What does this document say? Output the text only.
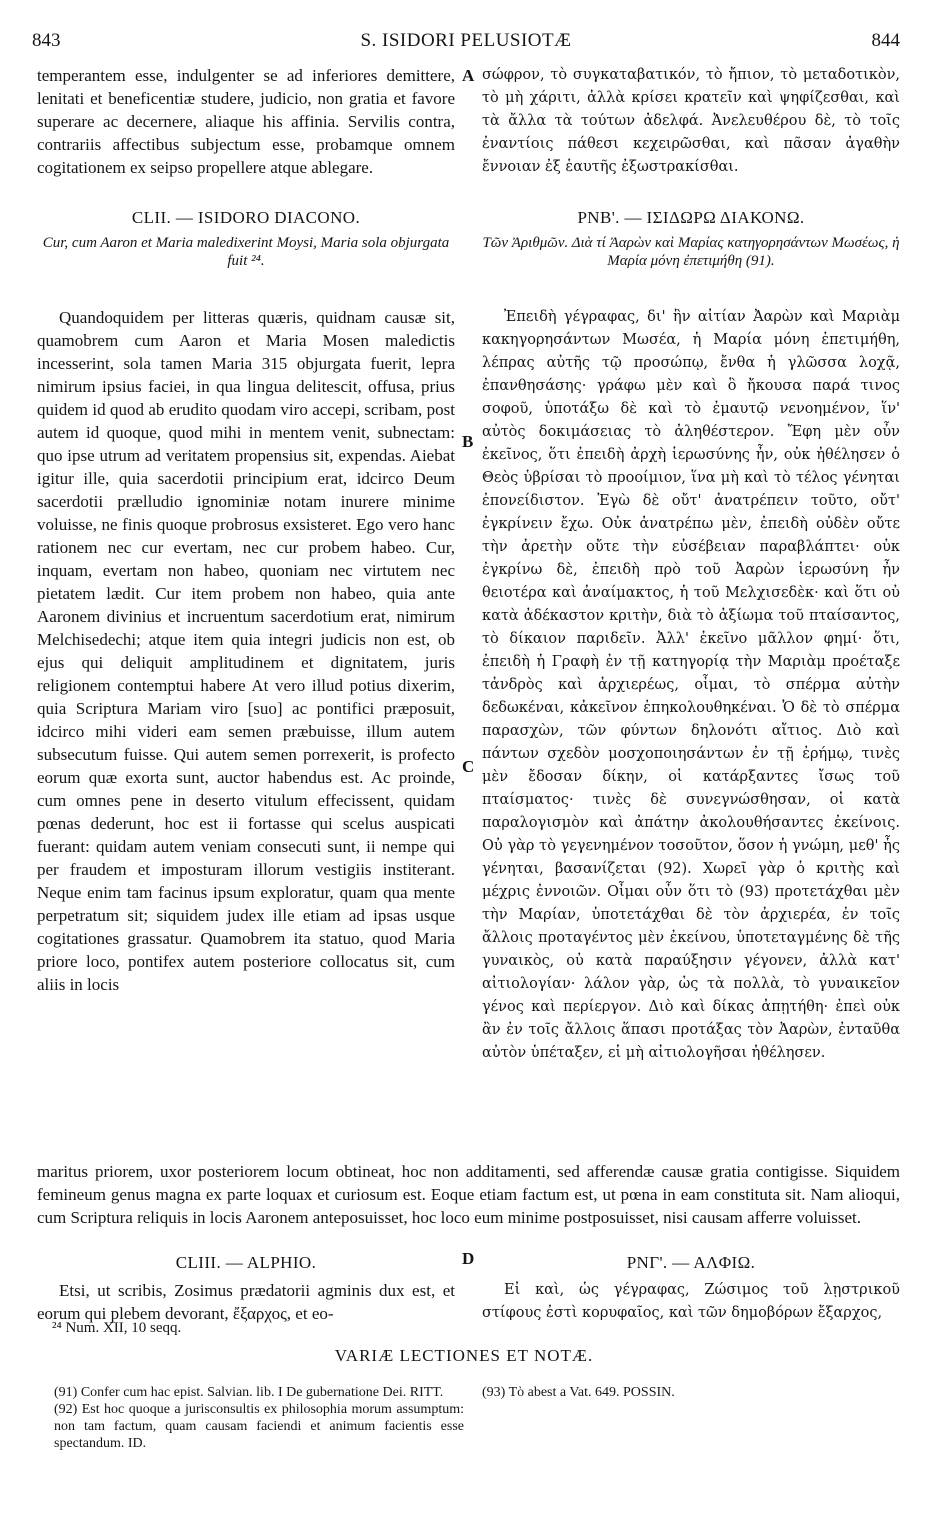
843	S. ISIDORI PELUSIOTÆ	844
temperantem esse, indulgenter se ad inferiores demittere, lenitati et beneficentiæ studere, judicio, non gratia et favore superare ac decernere, aliaque his affinia. Servilis contra, contrariis affectibus subjectum esse, probamque omnem cogitationem ex seipso propellere atque ablegare.
σώφρον, τὸ συγκαταβατικόν, τὸ ἤπιον, τὸ μεταδοτικὸν, τὸ μὴ χάριτι, ἀλλὰ κρίσει κρατεῖν καὶ ψηφίζεσθαι, καὶ τὰ ἄλλα τὰ τούτων ἀδελφά. Ἀνελευθέρου δὲ, τὸ τοῖς ἐναντίοις πάθεσι κεχειρῶσθαι, καὶ πᾶσαν ἀγαθὴν ἔννοιαν ἐξ ἑαυτῆς ἐξωστρακίσθαι.
CLII. — ISIDORO DIACONO.
Cur, cum Aaron et Maria maledixerint Moysi, Maria sola objurgata fuit ²⁴.
ΡΝΒ'. — ΙΣΙΔΩΡΩ ΔΙΑΚΟΝΩ.
Τῶν Ἀριθμῶν. Διὰ τί Ἀαρὼν καὶ Μαρίας κατηγορησάντων Μωσέως, ἡ Μαρία μόνη ἐπετιμήθη (91).
Quandoquidem per litteras quæris, quidnam causæ sit, quamobrem cum Aaron et Maria Mosen maledictis incesserint, sola tamen Maria 315 objurgata fuerit, lepra nimirum ipsius faciei, in qua lingua delitescit, offusa, prius quidem id quod ab erudito quodam viro accepi, scribam, post autem id quoque, quod mihi in mentem venit, subnectam: quo ipse utrum ad veritatem propensius sit, expendas. Aiebat igitur ille, quia sacerdotii principium erat, idcirco Deum sacerdotii prælludio ignominiæ notam inurere minime voluisse, ne finis quoque probrosus exsisteret. Ego vero hanc rationem nec cur evertam, nec cur probem habeo. Cur, inquam, evertam non habeo, quoniam nec virtutem nec pietatem lædit. Cur item probem non habeo, quia ante Aaronem divinius et incruentum sacerdotium erat, nimirum Melchisedechi; atque item quia integri judicis non est, ob ejus qui deliquit amplitudinem et dignitatem, juris religionem contemptui habere At vero illud potius dixerim, quia Scriptura Mariam viro [suo] ac pontifici præposuit, idcirco mihi videri eam semen præbuisse, illum autem subsecutum fuisse. Qui autem semen porrexerit, is profecto eorum quæ exorta sunt, auctor habendus est. Ac proinde, cum omnes pene in deserto vitulum effecissent, quidam pœnas dederunt, hoc est ii fortasse qui scelus auspicati fuerant: quidam autem veniam consecuti sunt, ii nempe qui per fraudem et imposturam illorum vestigiis institerant. Neque enim tam facinus ipsum exploratur, quam qua mente perpetratum sit; siquidem judex ille etiam ad ipsas usque cogitationes grassatur. Quamobrem ita statuo, quod Maria priore loco, pontifex autem posteriore collocatus sit, cum aliis in locis
Ἐπειδὴ γέγραφας, δι' ἣν αἰτίαν Ἀαρὼν καὶ Μαριὰμ κακηγορησάντων Μωσέα, ἡ Μαρία μόνη ἐπετιμήθη, λέπρας αὐτῆς τῷ προσώπῳ, ἔνθα ἡ γλῶσσα λοχᾷ, ἐπανθησάσης· γράφω μὲν καὶ ὃ ἤκουσα παρά τινος σοφοῦ, ὑποτάξω δὲ καὶ τὸ ἐμαυτῷ νενοημένον, ἵν' αὐτὸς δοκιμάσειας τὸ ἀληθέστερον. Ἔφη μὲν οὖν ἐκεῖνος, ὅτι ἐπειδὴ ἀρχὴ ἱερωσύνης ἦν, οὐκ ἠθέλησεν ὁ Θεὸς ὑβρίσαι τὸ προοίμιον, ἵνα μὴ καὶ τὸ τέλος γένηται ἐπονείδιστον. Ἐγὼ δὲ οὔτ' ἀνατρέπειν τοῦτο, οὔτ' ἐγκρίνειν ἔχω. Οὐκ ἀνατρέπω μὲν, ἐπειδὴ οὐδὲν οὔτε τὴν ἀρετὴν οὔτε τὴν εὐσέβειαν παραβλάπτει· οὐκ ἐγκρίνω δὲ, ἐπειδὴ πρὸ τοῦ Ἀαρὼν ἱερωσύνη ἦν θειοτέρα καὶ ἀναίμακτος, ἡ τοῦ Μελχισεδὲκ· καὶ ὅτι οὐ κατὰ ἀδέκαστον κριτὴν, διὰ τὸ ἀξίωμα τοῦ πταίσαντος, τὸ δίκαιον παριδεῖν. Ἀλλ' ἐκεῖνο μᾶλλον φημί· ὅτι, ἐπειδὴ ἡ Γραφὴ ἐν τῇ κατηγορίᾳ τὴν Μαριὰμ προέταξε τἀνδρὸς καὶ ἀρχιερέως, οἶμαι, τὸ σπέρμα αὐτὴν δεδωκέναι, κἀκεῖνον ἐπηκολουθηκέναι. Ὁ δὲ τὸ σπέρμα παρασχὼν, τῶν φύντων δηλονότι αἴτιος. Διὸ καὶ πάντων σχεδὸν μοσχοποιησάντων ἐν τῇ ἐρήμῳ, τινὲς μὲν ἔδοσαν δίκην, οἱ κατάρξαντες ἴσως τοῦ πταίσματος· τινὲς δὲ συνεγνώσθησαν, οἱ κατὰ παραλογισμὸν καὶ ἀπάτην ἀκολουθήσαντες ἐκείνοις. Οὐ γὰρ τὸ γεγενημένον τοσοῦτον, ὅσον ἡ γνώμη, μεθ' ἧς γένηται, βασανίζεται (92). Χωρεῖ γὰρ ὁ κριτὴς καὶ μέχρις ἐννοιῶν. Οἶμαι οὖν ὅτι τὸ (93) προτετάχθαι μὲν τὴν Μαρίαν, ὑποτετάχθαι δὲ τὸν ἀρχιερέα, ἐν τοῖς ἄλλοις προταγέντος μὲν ἐκείνου, ὑποτεταγμένης δὲ τῆς γυναικὸς, οὐ κατὰ παραύξησιν γέγονεν, ἀλλὰ κατ' αἰτιολογίαν· λάλον γὰρ, ὡς τὰ πολλὰ, τὸ γυναικεῖον γένος καὶ περίεργον. Διὸ καὶ δίκας ἀπῃτήθη· ἐπεὶ οὐκ ἂν ἐν τοῖς ἄλλοις ἅπασι προτάξας τὸν Ἀαρὼν, ἐνταῦθα αὐτὸν ὑπέταξεν, εἰ μὴ αἰτιολογῆσαι ἠθέλησεν.
maritus priorem, uxor posteriorem locum obtineat, hoc non additamenti, sed afferendæ causæ gratia contigisse. Siquidem femineum genus magna ex parte loquax et curiosum est. Eoque etiam factum est, ut pœna in eam constituta sit. Nam alioqui, cum Scriptura reliquis in locis Aaronem anteposuisset, hoc loco eum minime postposuisset, nisi causam afferre voluisset.
CLIII. — ALPHIO.	ΡΝΓ'. — ΑΛΦΙΩ.
Etsi, ut scribis, Zosimus prædatorii agminis dux est, et eorum qui plebem devorant, ἔξαρχος, et eo-
Εἰ καὶ, ὡς γέγραφας, Ζώσιμος τοῦ λῃστρικοῦ στίφους ἐστὶ κορυφαῖος, καὶ τῶν δημοβόρων ἔξαρχος,
A
B
C
D
²⁴ Num. XII, 10 seqq.
VARIÆ LECTIONES ET NOTÆ.

(91) Confer cum hac epist. Salvian. lib. I De gubernatione Dei. RITT.

(92) Est hoc quoque a jurisconsultis ex philosophia morum assumptum: non tam factum, quam causam faciendi et animum facientis esse spectandum. ID.

(93) Τὸ abest a Vat. 649. POSSIN.
